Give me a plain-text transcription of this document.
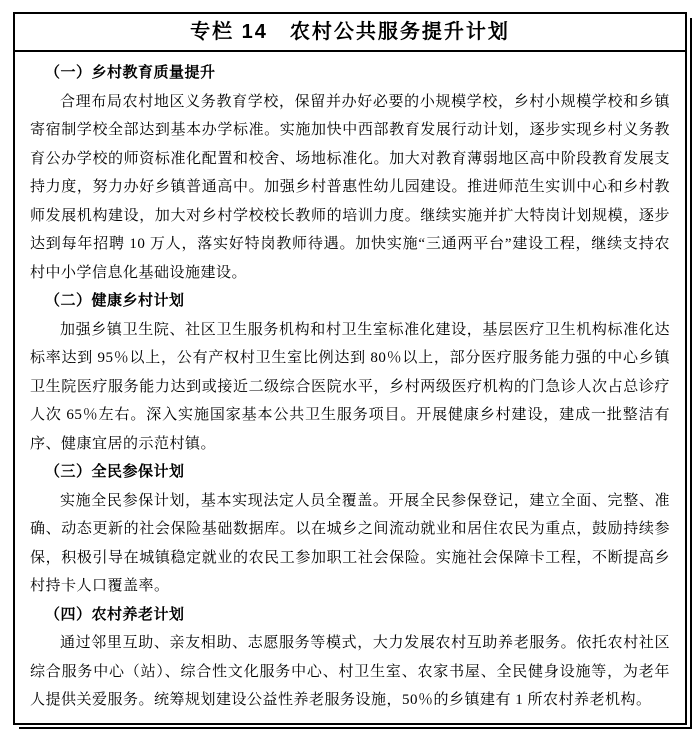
专栏 14　农村公共服务提升计划
（一）乡村教育质量提升
合理布局农村地区义务教育学校，保留并办好必要的小规模学校，乡村小规模学校和乡镇寄宿制学校全部达到基本办学标准。实施加快中西部教育发展行动计划，逐步实现乡村义务教育公办学校的师资标准化配置和校舍、场地标准化。加大对教育薄弱地区高中阶段教育发展支持力度，努力办好乡镇普通高中。加强乡村普惠性幼儿园建设。推进师范生实训中心和乡村教师发展机构建设，加大对乡村学校校长教师的培训力度。继续实施并扩大特岗计划规模，逐步达到每年招聘 10 万人，落实好特岗教师待遇。加快实施“三通两平台”建设工程，继续支持农村中小学信息化基础设施建设。
（二）健康乡村计划
加强乡镇卫生院、社区卫生服务机构和村卫生室标准化建设，基层医疗卫生机构标准化达标率达到 95％以上，公有产权村卫生室比例达到 80％以上，部分医疗服务能力强的中心乡镇卫生院医疗服务能力达到或接近二级综合医院水平，乡村两级医疗机构的门急诊人次占总诊疗人次 65％左右。深入实施国家基本公共卫生服务项目。开展健康乡村建设，建成一批整洁有序、健康宜居的示范村镇。
（三）全民参保计划
实施全民参保计划，基本实现法定人员全覆盖。开展全民参保登记，建立全面、完整、准确、动态更新的社会保险基础数据库。以在城乡之间流动就业和居住农民为重点，鼓励持续参保，积极引导在城镇稳定就业的农民工参加职工社会保险。实施社会保障卡工程，不断提高乡村持卡人口覆盖率。
（四）农村养老计划
通过邻里互助、亲友相助、志愿服务等模式，大力发展农村互助养老服务。依托农村社区综合服务中心（站）、综合性文化服务中心、村卫生室、农家书屋、全民健身设施等，为老年人提供关爱服务。统筹规划建设公益性养老服务设施，50％的乡镇建有 1 所农村养老机构。
